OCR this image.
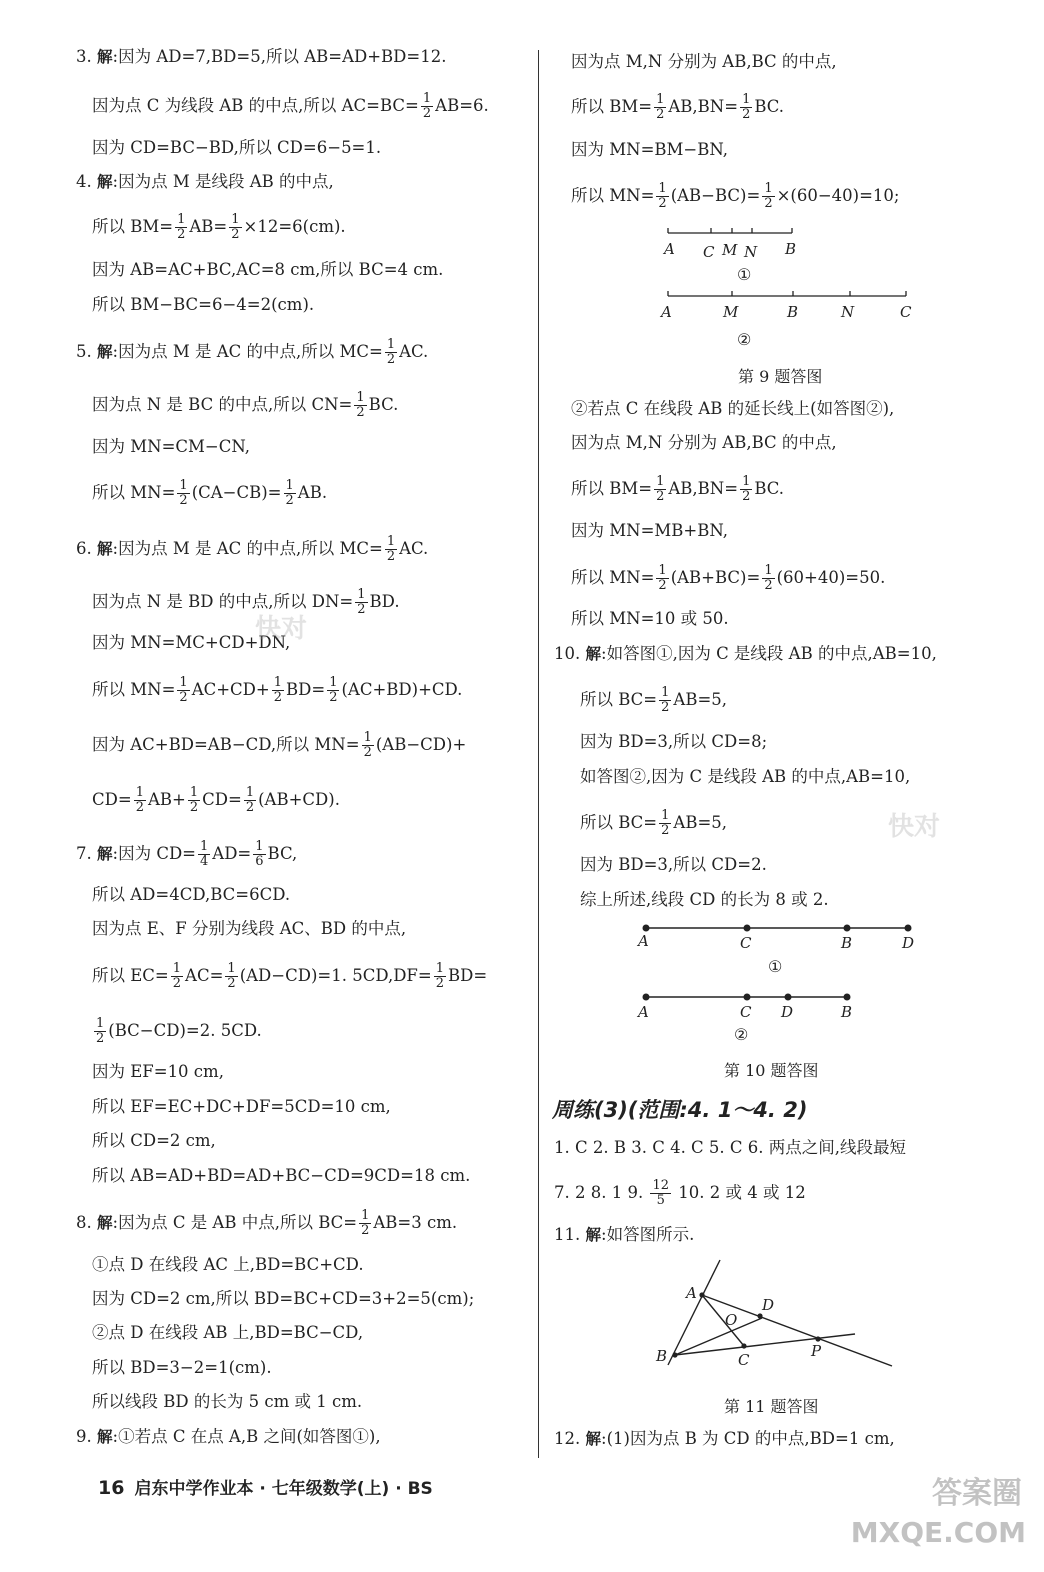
3. 解:因为 AD=7,BD=5,所以 AB=AD+BD=12.
因为点 C 为线段 AB 的中点,所以 $AC=BC= \frac{1}{2} AB=6$.
因为 CD=BC−BD,所以 CD=6−5=1.
4. 解:因为点 M 是线段 AB 的中点,
所以 $BM= \frac{1}{2} AB= \frac{1}{2} \times 12=6(cm)$.
因为 AB=AC+BC,AC=8 cm,所以 BC=4 cm.
所以 BM−BC=6−4=2(cm).
5. 解:因为点 M 是 AC 的中点,所以 $MC= \frac{1}{2}$ AC.
因为点 N 是 BC 的中点,所以 $CN= \frac{1}{2}$ BC.
因为 MN=CM−CN,
所以 $MN= \frac{1}{2} (CA-CB)= \frac{1}{2}$ AB.
6. 解:因为点 M 是 AC 的中点,所以 $MC= \frac{1}{2}$ AC.
因为点 N 是 BD 的中点,所以 $DN= \frac{1}{2}$ BD.
因为 MN=MC+CD+DN,
所以 $MN= \frac{1}{2} AC+CD+ \frac{1}{2} BD= \frac{1}{2} (AC+BD)+CD$.
因为 AC+BD=AB−CD,所以 $MN= \frac{1}{2} (AB-CD)+$
$CD= \frac{1}{2} AB+ \frac{1}{2} CD= \frac{1}{2} (AB+CD)$.
7. 解:因为 $CD= \frac{1}{4} AD= \frac{1}{6}$ BC,
所以 AD=4CD,BC=6CD.
因为点 E、F 分别为线段 AC、BD 的中点,
所以 $EC= \frac{1}{2} AC= \frac{1}{2} (AD-CD)=1$. $5CD,DF= \frac{1}{2} BD=$
$\frac{1}{2} (BC-CD)=2$. 5CD.
因为 EF=10 cm,
所以 EF=EC+DC+DF=5CD=10 cm,
所以 CD=2 cm,
所以 AB=AD+BD=AD+BC−CD=9CD=18 cm.
8. 解:因为点 C 是 AB 中点,所以 $BC= \frac{1}{2} AB=3$ cm.
①点 D 在线段 AC 上,BD=BC+CD.
因为 CD=2 cm,所以 BD=BC+CD=3+2=5(cm);
②点 D 在线段 AB 上,BD=BC−CD,
所以 BD=3−2=1(cm).
所以线段 BD 的长为 5 cm 或 1 cm.
9. 解:①若点 C 在点 A,B 之间(如答图①),
因为点 M,N 分别为 AB,BC 的中点,
所以 $BM= \frac{1}{2} AB,BN= \frac{1}{2}$ BC.
因为 MN=BM−BN,
所以 $MN= \frac{1}{2} (AB-BC)= \frac{1}{2} \times(60-40)=10$;
②若点 C 在线段 AB 的延长线上(如答图②),
因为点 M,N 分别为 AB,BC 的中点,
所以 $BM= \frac{1}{2} AB,BN= \frac{1}{2}$ BC.
因为 MN=MB+BN,
所以 $MN= \frac{1}{2} (AB+BC)= \frac{1}{2} (60+40)=50$.
所以 MN=10 或 50.
10. 解:如答图①,因为 C 是线段 AB 的中点,AB=10,
所以 $BC= \frac{1}{2} AB=5$,
因为 BD=3,所以 CD=8;
如答图②,因为 C 是线段 AB 的中点,AB=10,
所以 $BC= \frac{1}{2} AB=5$,
因为 BD=3,所以 CD=2.
综上所述,线段 CD 的长为 8 或 2.
1. C 2. B 3. C 4. C 5. C 6. 两点之间,线段最短
7. 2 8. 1 9. $\frac{12}{5} 10$. 2 或 4 或 12
11. 解:如答图所示.
12. 解:(1)因为点 B 为 CD 的中点,BD=1 cm,
A C M N B
①
A	M	B	N	C
②
第 9 题答图
A	C	B	D
①
A	C D	B
②
第 10 题答图
周练(3)(范围:4. 1～4. 2)
A
D
O
B	C	P
第 11 题答图
快对
快对
答案圈
MXQE.COM
16 启东中学作业本 · 七年级数学(上) · BS
